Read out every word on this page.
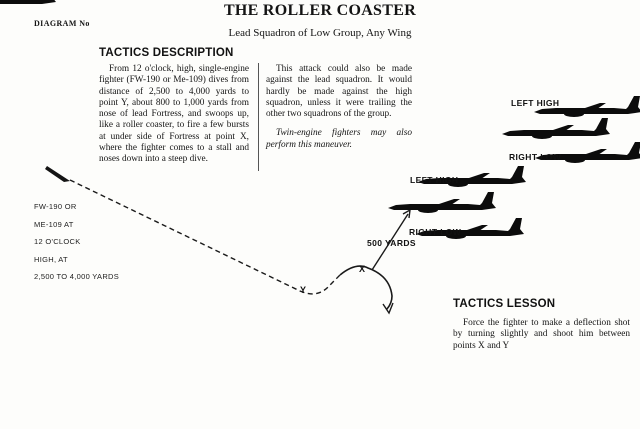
THE ROLLER COASTER
DIAGRAM No
Lead Squadron of Low Group, Any Wing
TACTICS DESCRIPTION

From 12 o'clock, high, single-engine fighter (FW-190 or Me-109) dives from distance of 2,500 to 4,000 yards to point Y, about 800 to 1,000 yards from nose of lead Fortress, and swoops up, like a roller coaster, to fire a few bursts at under side of Fortress at point X, where the fighter comes to a stall and noses down into a steep dive.

This attack could also be made against the lead squadron. It would hardly be made against the high squadron, unless it were trailing the other two squadrons of the group.

Twin-engine fighters may also perform this maneuver.

FW-190 OR
ME-109 AT
12 O'CLOCK
HIGH, AT
2,500 TO 4,000 YARDS
Y
X
500 YARDS
LEFT HIGH
RIGHT LOW
LEFT HIGH
RIGHT LOW
TACTICS LESSON

Force the fighter to make a deflection shot by turning slightly and shoot him between points X and Y
